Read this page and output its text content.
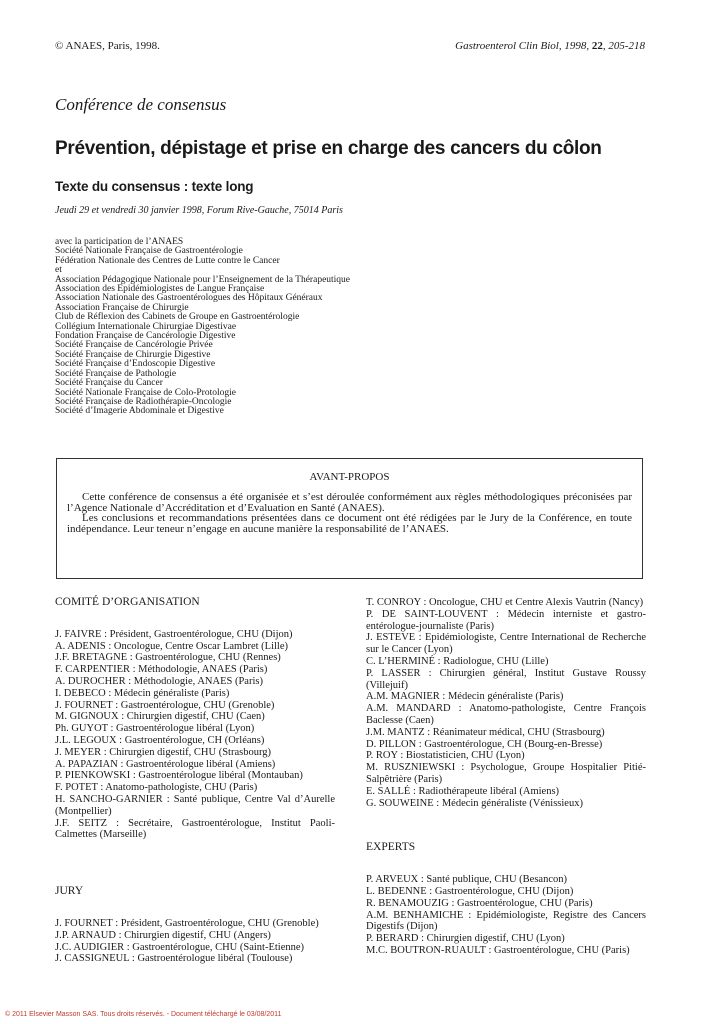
© ANAES, Paris, 1998.	Gastroenterol Clin Biol, 1998, 22, 205-218
Conférence de consensus
Prévention, dépistage et prise en charge des cancers du côlon
Texte du consensus : texte long
Jeudi 29 et vendredi 30 janvier 1998, Forum Rive-Gauche, 75014 Paris
avec la participation de l’ANAES
Société Nationale Française de Gastroentérologie
Fédération Nationale des Centres de Lutte contre le Cancer
et
Association Pédagogique Nationale pour l’Enseignement de la Thérapeutique
Association des Epidémiologistes de Langue Française
Association Nationale des Gastroentérologues des Hôpitaux Généraux
Association Française de Chirurgie
Club de Réflexion des Cabinets de Groupe en Gastroentérologie
Collégium Internationale Chirurgiae Digestivae
Fondation Française de Cancérologie Digestive
Société Française de Cancérologie Privée
Société Française de Chirurgie Digestive
Société Française d’Endoscopie Digestive
Société Française de Pathologie
Société Française du Cancer
Société Nationale Française de Colo-Protologie
Société Française de Radiothérapie-Oncologie
Société d’Imagerie Abdominale et Digestive
AVANT-PROPOS

Cette conférence de consensus a été organisée et s’est déroulée conformément aux règles méthodologiques préconisées par l’Agence Nationale d’Accréditation et d’Evaluation en Santé (ANAES).

Les conclusions et recommandations présentées dans ce document ont été rédigées par le Jury de la Conférence, en toute indépendance. Leur teneur n’engage en aucune manière la responsabilité de l’ANAES.

COMITÉ D’ORGANISATION
J. FAIVRE : Président, Gastroentérologue, CHU (Dijon)
A. ADENIS : Oncologue, Centre Oscar Lambret (Lille)
J.F. BRETAGNE : Gastroentérologue, CHU (Rennes)
F. CARPENTIER : Méthodologie, ANAES (Paris)
A. DUROCHER : Méthodologie, ANAES (Paris)
I. DEBECO : Médecin généraliste (Paris)
J. FOURNET : Gastroentérologue, CHU (Grenoble)
M. GIGNOUX : Chirurgien digestif, CHU (Caen)
Ph. GUYOT : Gastroentérologue libéral (Lyon)
J.L. LEGOUX : Gastroentérologue, CH (Orléans)
J. MEYER : Chirurgien digestif, CHU (Strasbourg)
A. PAPAZIAN : Gastroentérologue libéral (Amiens)
P. PIENKOWSKI : Gastroentérologue libéral (Montauban)
F. POTET : Anatomo-pathologiste, CHU (Paris)
H. SANCHO-GARNIER : Santé publique, Centre Val d’Aurelle (Montpellier)
J.F. SEITZ : Secrétaire, Gastroentérologue, Institut Paoli-Calmettes (Marseille)
JURY
J. FOURNET : Président, Gastroentérologue, CHU (Grenoble)
J.P. ARNAUD : Chirurgien digestif, CHU (Angers)
J.C. AUDIGIER : Gastroentérologue, CHU (Saint-Etienne)
J. CASSIGNEUL : Gastroentérologue libéral (Toulouse)
T. CONROY : Oncologue, CHU et Centre Alexis Vautrin (Nancy)
P. DE SAINT-LOUVENT : Médecin interniste et gastro-entérologue-journaliste (Paris)
J. ESTEVE : Epidémiologiste, Centre International de Recherche sur le Cancer (Lyon)
C. L’HERMINÉ : Radiologue, CHU (Lille)
P. LASSER : Chirurgien général, Institut Gustave Roussy (Villejuif)
A.M. MAGNIER : Médecin généraliste (Paris)
A.M. MANDARD : Anatomo-pathologiste, Centre François Baclesse (Caen)
J.M. MANTZ : Réanimateur médical, CHU (Strasbourg)
D. PILLON : Gastroentérologue, CH (Bourg-en-Bresse)
P. ROY : Biostatisticien, CHU (Lyon)
M. RUSZNIEWSKI : Psychologue, Groupe Hospitalier Pitié-Salpêtrière (Paris)
E. SALLÉ : Radiothérapeute libéral (Amiens)
G. SOUWEINE : Médecin généraliste (Vénissieux)
EXPERTS
P. ARVEUX : Santé publique, CHU (Besancon)
L. BEDENNE : Gastroentérologue, CHU (Dijon)
R. BENAMOUZIG : Gastroentérologue, CHU (Paris)
A.M. BENHAMICHE : Epidémiologiste, Registre des Cancers Digestifs (Dijon)
P. BERARD : Chirurgien digestif, CHU (Lyon)
M.C. BOUTRON-RUAULT : Gastroentérologue, CHU (Paris)
© 2011 Elsevier Masson SAS. Tous droits réservés. - Document téléchargé le 03/08/2011
